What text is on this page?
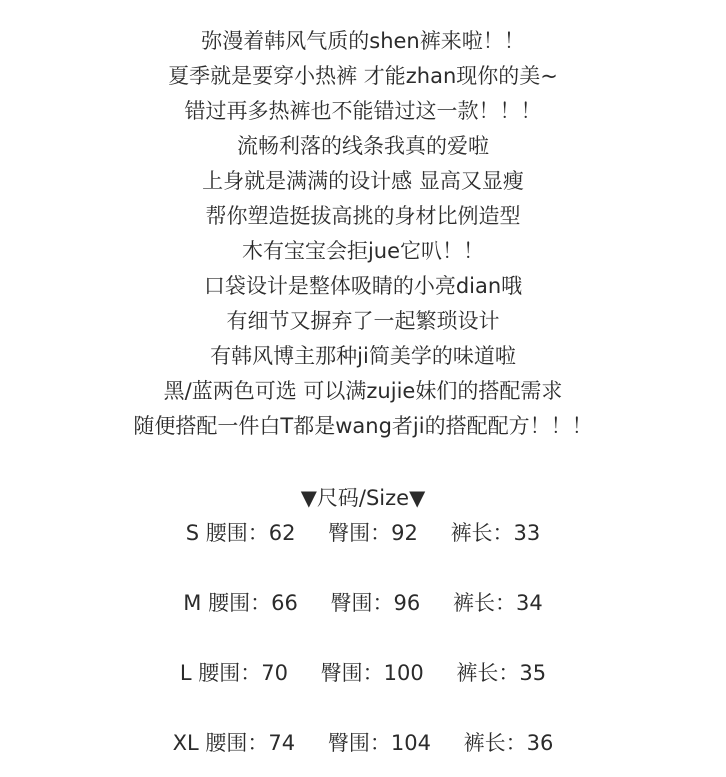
弥漫着韩风气质的shen裤来啦！！
夏季就是要穿小热裤 才能zhan现你的美~
错过再多热裤也不能错过这一款！！！
流畅利落的线条我真的爱啦
上身就是满满的设计感 显高又显瘦
帮你塑造挺拔高挑的身材比例造型
木有宝宝会拒jue它叭！！
口袋设计是整体吸睛的小亮dian哦
有细节又摒弃了一起繁琐设计
有韩风博主那种ji简美学的味道啦
黑/蓝两色可选 可以满zujie妹们的搭配需求
随便搭配一件白T都是wang者ji的搭配配方！！！
▼尺码/Size▼
S 腰围：62 臀围：92 裤长：33
M 腰围：66 臀围：96 裤长：34
L 腰围：70 臀围：100 裤长：35
XL 腰围：74 臀围：104 裤长：36
